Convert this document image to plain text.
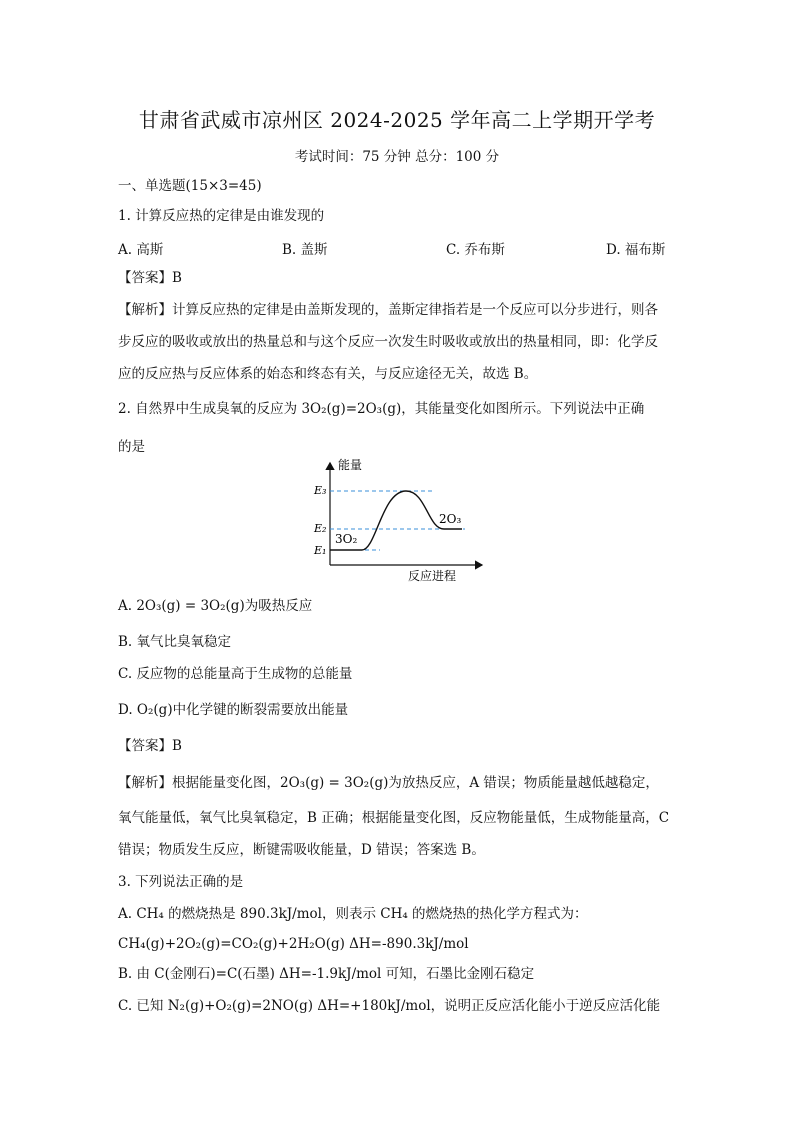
甘肃省武威市凉州区 2024-2025 学年高二上学期开学考
考试时间：75 分钟 总分：100 分
一、单选题(15×3=45)
1. 计算反应热的定律是由谁发现的
A. 高斯	B. 盖斯	C. 乔布斯	D. 福布斯
【答案】B
【解析】计算反应热的定律是由盖斯发现的，盖斯定律指若是一个反应可以分步进行，则各
步反应的吸收或放出的热量总和与这个反应一次发生时吸收或放出的热量相同，即：化学反
应的反应热与反应体系的始态和终态有关，与反应途径无关，故选 B。
2. 自然界中生成臭氧的反应为 3O₂(g)=2O₃(g)，其能量变化如图所示。下列说法中正确
的是
能量
反应进程
E₃
E₂
E₁
3O₂
2O₃
A. 2O₃(g) = 3O₂(g)为吸热反应
B. 氧气比臭氧稳定
C. 反应物的总能量高于生成物的总能量
D. O₂(g)中化学键的断裂需要放出能量
【答案】B
【解析】根据能量变化图，2O₃(g) = 3O₂(g)为放热反应，A 错误；物质能量越低越稳定，
氧气能量低，氧气比臭氧稳定，B 正确；根据能量变化图，反应物能量低，生成物能量高，C
错误；物质发生反应，断键需吸收能量，D 错误；答案选 B。
3. 下列说法正确的是
A. CH₄ 的燃烧热是 890.3kJ/mol，则表示 CH₄ 的燃烧热的热化学方程式为：
CH₄(g)+2O₂(g)=CO₂(g)+2H₂O(g) ΔH=-890.3kJ/mol
B. 由 C(金刚石)=C(石墨) ΔH=-1.9kJ/mol 可知，石墨比金刚石稳定
C. 已知 N₂(g)+O₂(g)=2NO(g) ΔH=+180kJ/mol，说明正反应活化能小于逆反应活化能
